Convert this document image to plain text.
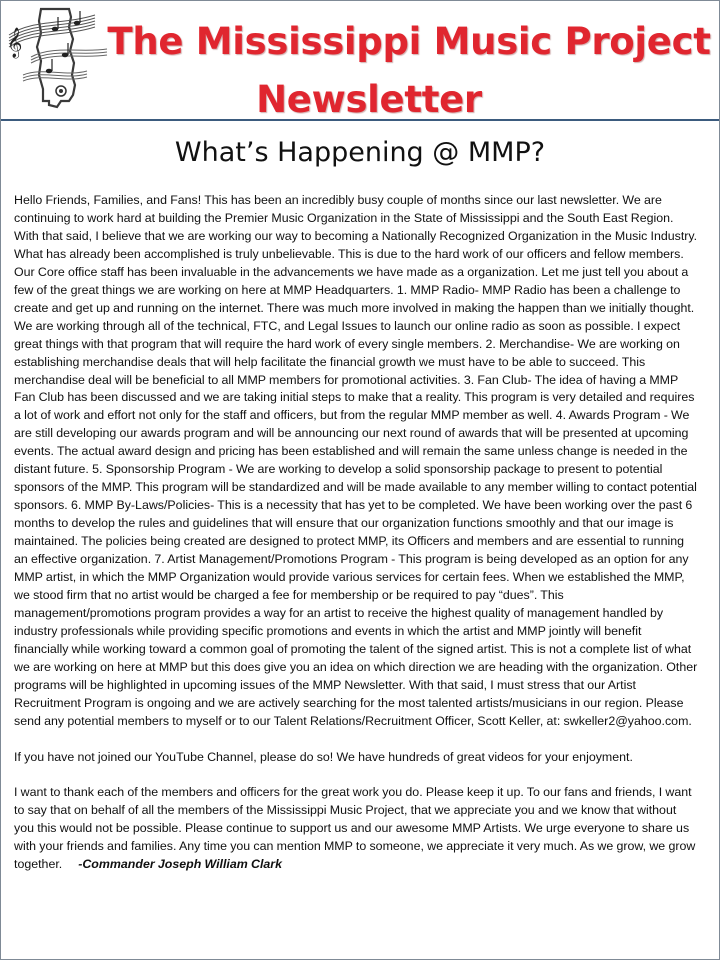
𝄞 The Mississippi Music Project
Newsletter
What’s Happening @ MMP?

Hello Friends, Families, and Fans! This has been an incredibly busy couple of months since our last newsletter. We are continuing to work hard at building the Premier Music Organization in the State of Mississippi and the South East Region. With that said, I believe that we are working our way to becoming a Nationally Recognized Organization in the Music Industry. What has already been accomplished is truly unbelievable. This is due to the hard work of our officers and fellow members. Our Core office staff has been invaluable in the advancements we have made as a organization. Let me just tell you about a few of the great things we are working on here at MMP Headquarters. 1. MMP Radio- MMP Radio has been a challenge to create and get up and running on the internet. There was much more involved in making the happen than we initially thought. We are working through all of the technical, FTC, and Legal Issues to launch our online radio as soon as possible. I expect great things with that program that will require the hard work of every single members. 2. Merchandise- We are working on establishing merchandise deals that will help facilitate the financial growth we must have to be able to succeed. This merchandise deal will be beneficial to all MMP members for promotional activities. 3. Fan Club- The idea of having a MMP Fan Club has been discussed and we are taking initial steps to make that a reality. This program is very detailed and requires a lot of work and effort not only for the staff and officers, but from the regular MMP member as well. 4. Awards Program - We are still developing our awards program and will be announcing our next round of awards that will be presented at upcoming events. The actual award design and pricing has been established and will remain the same unless change is needed in the distant future. 5. Sponsorship Program - We are working to develop a solid sponsorship package to present to potential sponsors of the MMP. This program will be standardized and will be made available to any member willing to contact potential sponsors. 6. MMP By-Laws/Policies- This is a necessity that has yet to be completed. We have been working over the past 6 months to develop the rules and guidelines that will ensure that our organization functions smoothly and that our image is maintained. The policies being created are designed to protect MMP, its Officers and members and are essential to running an effective organization. 7. Artist Management/Promotions Program - This program is being developed as an option for any MMP artist, in which the MMP Organization would provide various services for certain fees. When we established the MMP, we stood firm that no artist would be charged a fee for membership or be required to pay “dues”. This management/promotions program provides a way for an artist to receive the highest quality of management handled by industry professionals while providing specific promotions and events in which the artist and MMP jointly will benefit financially while working toward a common goal of promoting the talent of the signed artist. This is not a complete list of what we are working on here at MMP but this does give you an idea on which direction we are heading with the organization. Other programs will be highlighted in upcoming issues of the MMP Newsletter. With that said, I must stress that our Artist Recruitment Program is ongoing and we are actively searching for the most talented artists/musicians in our region. Please send any potential members to myself or to our Talent Relations/Recruitment Officer, Scott Keller, at: swkeller2@yahoo.com.

If you have not joined our YouTube Channel, please do so! We have hundreds of great videos for your enjoyment.

I want to thank each of the members and officers for the great work you do. Please keep it up. To our fans and friends, I want to say that on behalf of all the members of the Mississippi Music Project, that we appreciate you and we know that without you this would not be possible. Please continue to support us and our awesome MMP Artists. We urge everyone to share us with your friends and families. Any time you can mention MMP to someone, we appreciate it very much. As we grow, we grow together. -Commander Joseph William Clark
